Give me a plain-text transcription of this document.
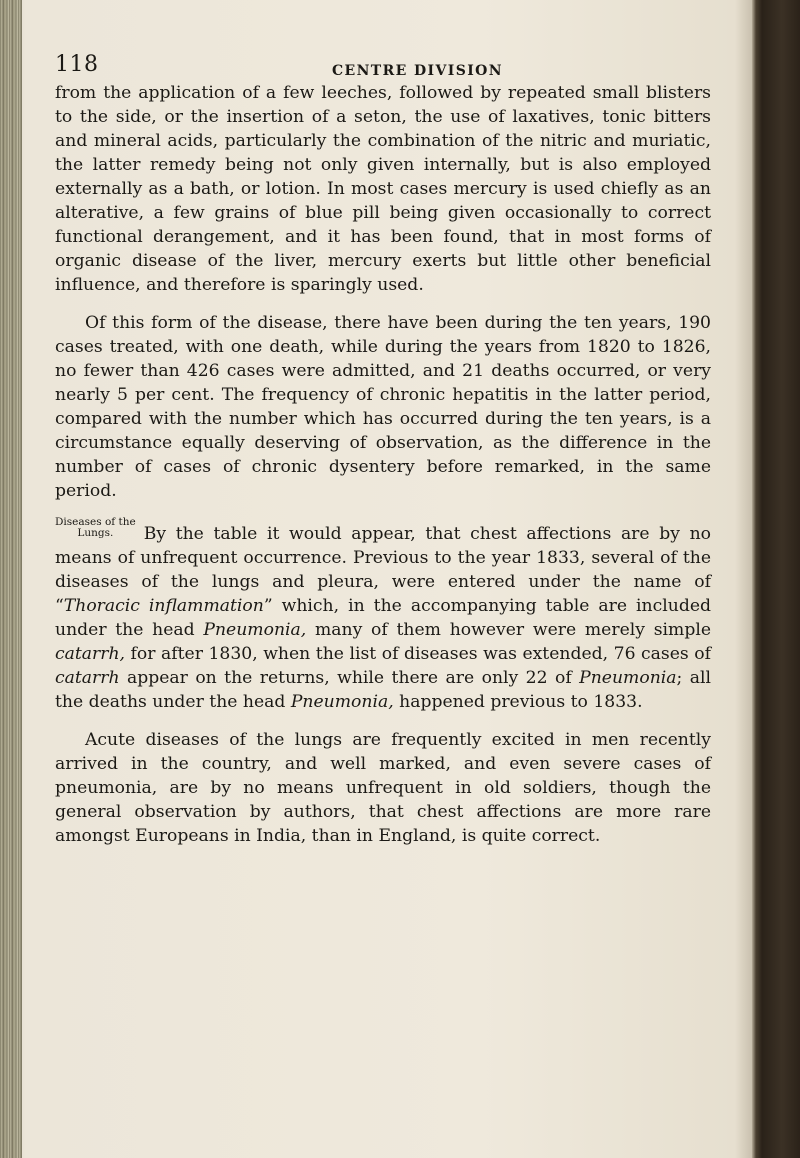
118	CENTRE DIVISION

from the application of a few leeches, followed by repeated small blisters to the side, or the insertion of a seton, the use of laxatives, tonic bitters and mineral acids, particularly the combination of the nitric and muriatic, the latter remedy being not only given internally, but is also employed externally as a bath, or lotion. In most cases mercury is used chiefly as an alterative, a few grains of blue pill being given occasionally to correct functional derangement, and it has been found, that in most forms of organic disease of the liver, mercury exerts but little other beneficial influence, and therefore is sparingly used.

Of this form of the disease, there have been during the ten years, 190 cases treated, with one death, while during the years from 1820 to 1826, no fewer than 426 cases were admitted, and 21 deaths occurred, or very nearly 5 per cent. The frequency of chronic hepatitis in the latter period, compared with the number which has occurred during the ten years, is a circumstance equally deserving of observation, as the difference in the number of cases of chronic dysentery before remarked, in the same period.

Diseases of the
Lungs.	By the table it would appear, that chest affections are by no means of unfrequent occurrence. Previous to the year 1833, several of the diseases of the lungs and pleura, were entered under the name of “Thoracic inflammation” which, in the accompanying table are included under the head Pneumonia, many of them however were merely simple catarrh, for after 1830, when the list of diseases was extended, 76 cases of catarrh appear on the returns, while there are only 22 of Pneumonia; all the deaths under the head Pneumonia, happened previous to 1833.

Acute diseases of the lungs are frequently excited in men recently arrived in the country, and well marked, and even severe cases of pneumonia, are by no means unfrequent in old soldiers, though the general observation by authors, that chest affections are more rare amongst Europeans in India, than in England, is quite correct.
